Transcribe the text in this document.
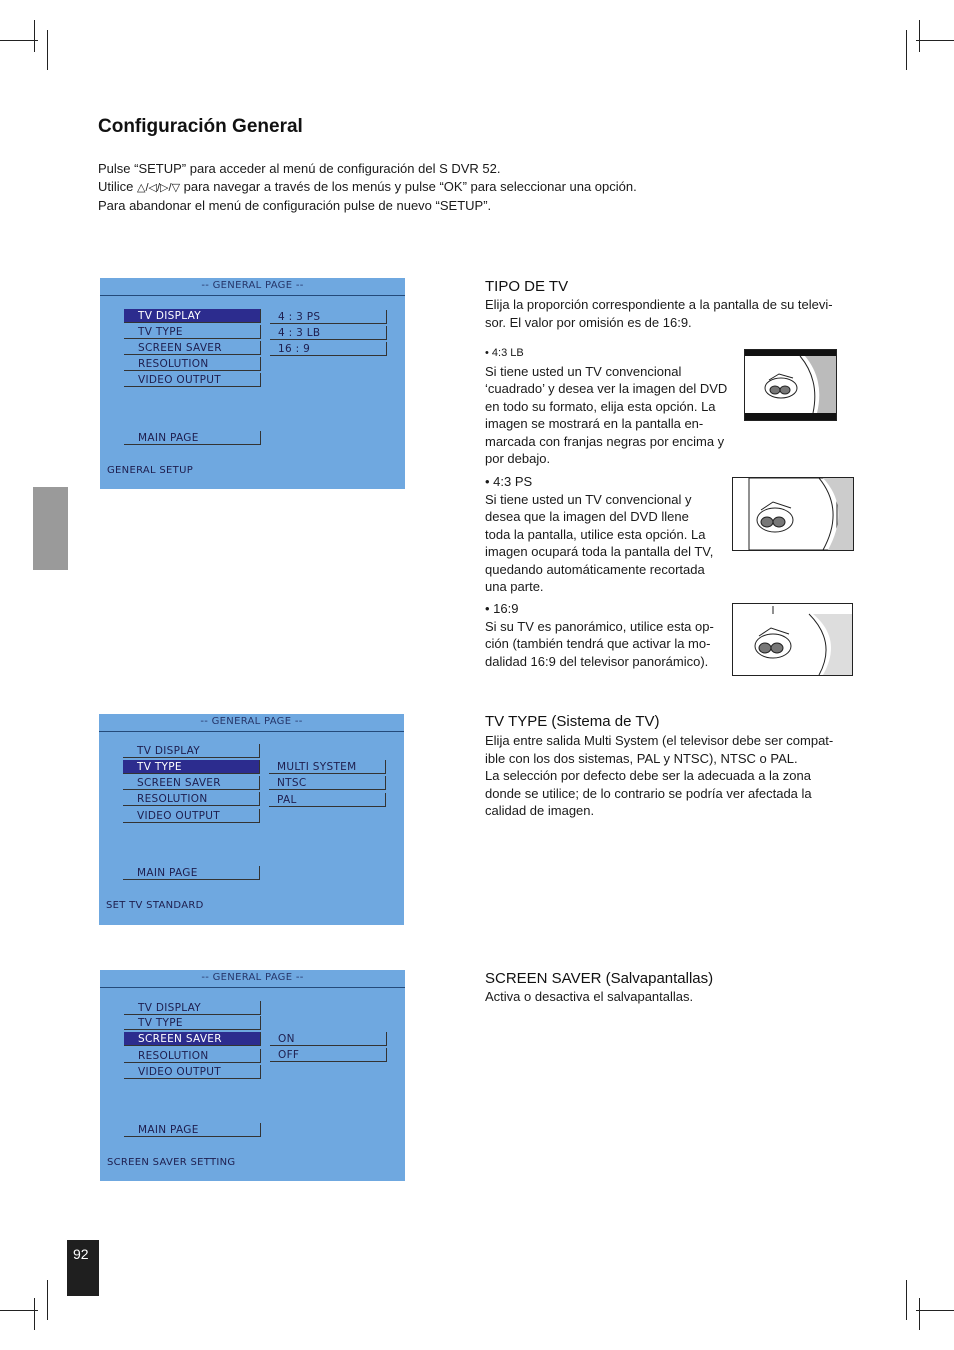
Configuración General

Pulse “SETUP” para acceder al menú de configuración del S DVR 52.

Utilice △/◁/▷/▽ para navegar a través de los menús y pulse “OK” para seleccionar una opción.

Para abandonar el menú de configuración pulse de nuevo “SETUP”.

-- GENERAL PAGE --
TV DISPLAY
TV TYPE
SCREEN SAVER
RESOLUTION
VIDEO OUTPUT
4 : 3 PS
4 : 3 LB
16 : 9
MAIN PAGE
GENERAL SETUP
-- GENERAL PAGE --
TV DISPLAY
TV TYPE
SCREEN SAVER
RESOLUTION
VIDEO OUTPUT
MULTI SYSTEM
NTSC
PAL
MAIN PAGE
SET TV STANDARD
-- GENERAL PAGE --
TV DISPLAY
TV TYPE
SCREEN SAVER
RESOLUTION
VIDEO OUTPUT
ON
OFF
MAIN PAGE
SCREEN SAVER SETTING
TIPO DE TV

Elija la proporción correspondiente a la pantalla de su televi-

sor. El valor por omisión es de 16:9.

• 4:3 LB

Si tiene usted un TV convencional

‘cuadrado’ y desea ver la imagen del DVD

en todo su formato, elija esta opción. La

imagen se mostrará en la pantalla en-

marcada con franjas negras por encima y

por debajo.

• 4:3 PS

Si tiene usted un TV convencional y

desea que la imagen del DVD llene

toda la pantalla, utilice esta opción. La

imagen ocupará toda la pantalla del TV,

quedando automáticamente recortada

una parte.

• 16:9

Si su TV es panorámico, utilice esta op-

ción (también tendrá que activar la mo-

dalidad 16:9 del televisor panorámico).

TV TYPE (Sistema de TV)

Elija entre salida Multi System (el televisor debe ser compat-

ible con los dos sistemas, PAL y NTSC), NTSC o PAL.

La selección por defecto debe ser la adecuada a la zona

donde se utilice; de lo contrario se podría ver afectada la

calidad de imagen.

SCREEN SAVER (Salvapantallas)

Activa o desactiva el salvapantallas.

92
